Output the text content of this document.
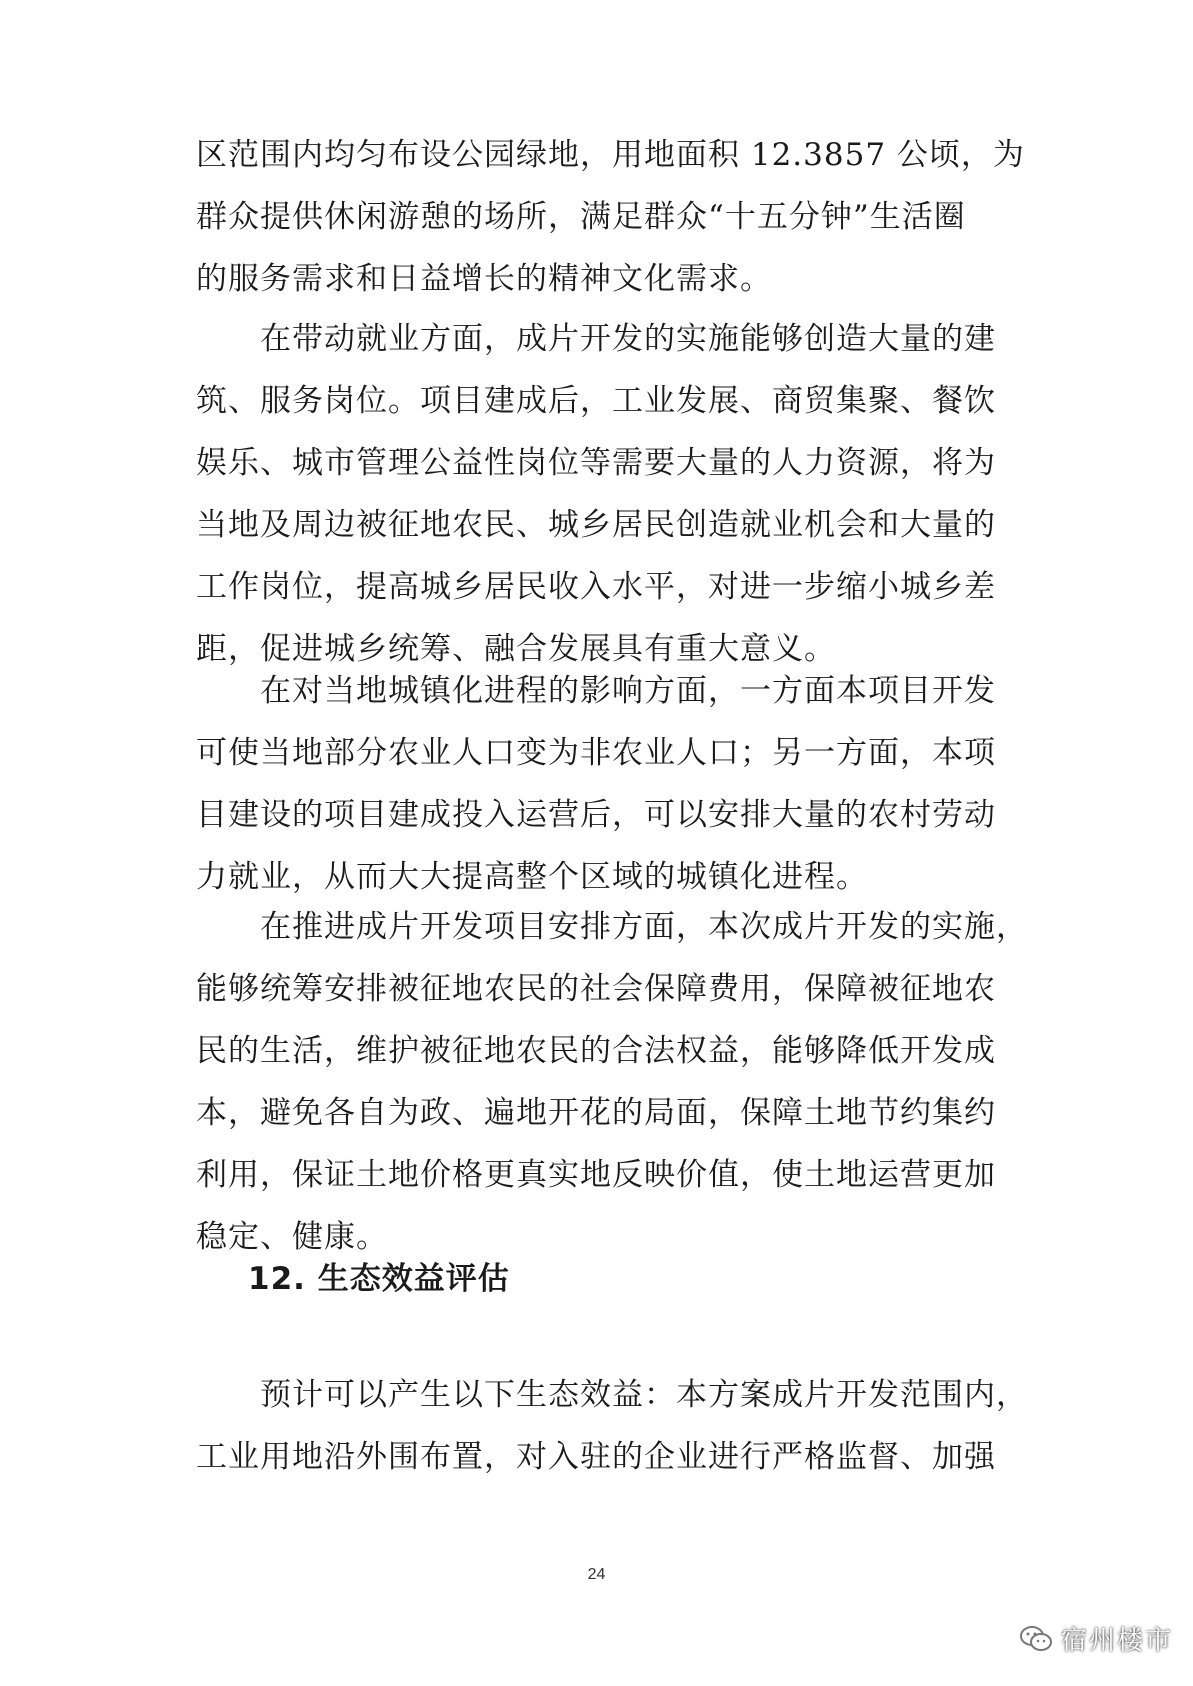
区范围内均匀布设公园绿地，用地面积 12.3857 公顷，为
群众提供休闲游憩的场所，满足群众“十五分钟”生活圈
的服务需求和日益增长的精神文化需求。
在带动就业方面，成片开发的实施能够创造大量的建
筑、服务岗位。项目建成后，工业发展、商贸集聚、餐饮
娱乐、城市管理公益性岗位等需要大量的人力资源，将为
当地及周边被征地农民、城乡居民创造就业机会和大量的
工作岗位，提高城乡居民收入水平，对进一步缩小城乡差
距，促进城乡统筹、融合发展具有重大意义。
在对当地城镇化进程的影响方面，一方面本项目开发
可使当地部分农业人口变为非农业人口；另一方面，本项
目建设的项目建成投入运营后，可以安排大量的农村劳动
力就业，从而大大提高整个区域的城镇化进程。
在推进成片开发项目安排方面，本次成片开发的实施，
能够统筹安排被征地农民的社会保障费用，保障被征地农
民的生活，维护被征地农民的合法权益，能够降低开发成
本，避免各自为政、遍地开花的局面，保障土地节约集约
利用，保证土地价格更真实地反映价值，使土地运营更加
稳定、健康。
12. 生态效益评估
预计可以产生以下生态效益：本方案成片开发范围内，
工业用地沿外围布置，对入驻的企业进行严格监督、加强
24
宿州楼市
